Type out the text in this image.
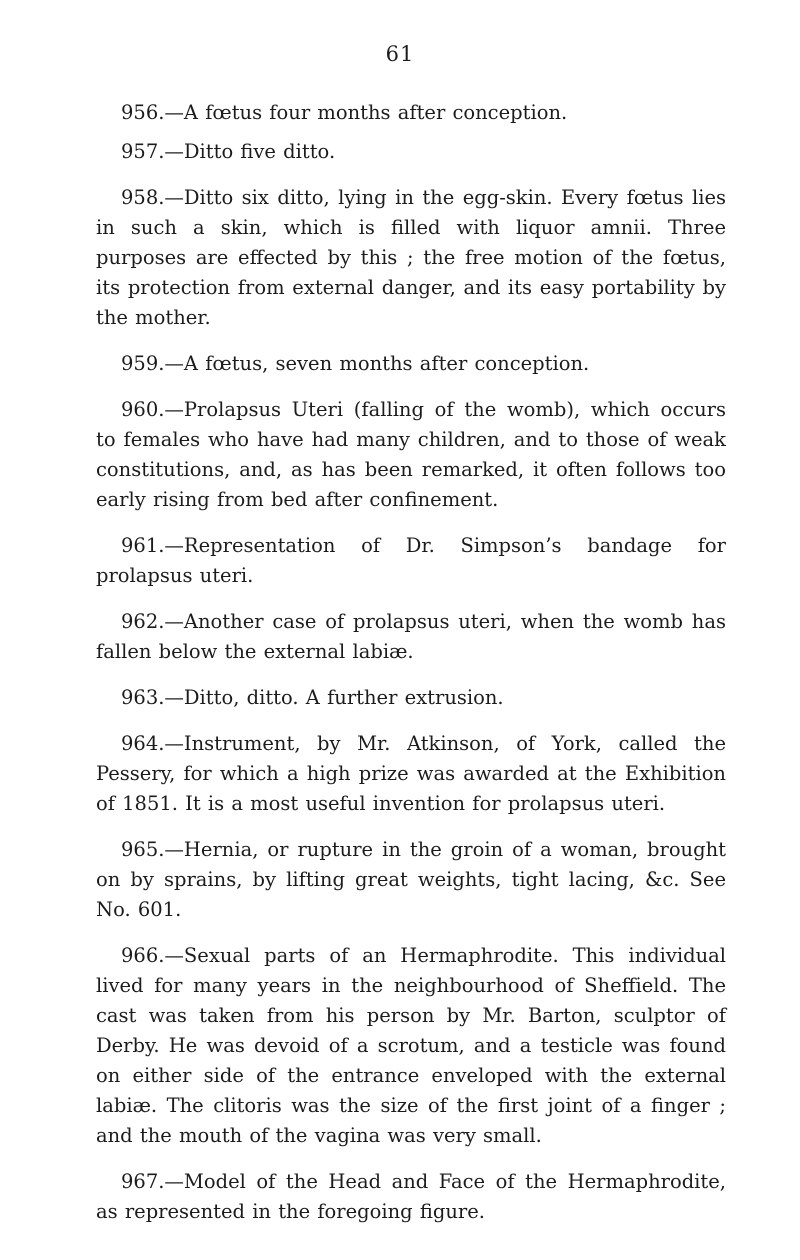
61

956.—A fœtus four months after conception.

957.—Ditto five ditto.

958.—Ditto six ditto, lying in the egg-skin. Every fœtus lies in such a skin, which is filled with liquor amnii. Three purposes are effected by this ; the free motion of the fœtus, its protection from external danger, and its easy portability by the mother.

959.—A fœtus, seven months after conception.

960.—Prolapsus Uteri (falling of the womb), which occurs to females who have had many children, and to those of weak constitutions, and, as has been remarked, it often follows too early rising from bed after confinement.

961.—Representation of Dr. Simpson’s bandage for prolapsus uteri.

962.—Another case of prolapsus uteri, when the womb has fallen below the external labiæ.

963.—Ditto, ditto. A further extrusion.

964.—Instrument, by Mr. Atkinson, of York, called the Pessery, for which a high prize was awarded at the Exhibition of 1851. It is a most useful invention for prolapsus uteri.

965.—Hernia, or rupture in the groin of a woman, brought on by sprains, by lifting great weights, tight lacing, &c. See No. 601.

966.—Sexual parts of an Hermaphrodite. This individual lived for many years in the neighbourhood of Sheffield. The cast was taken from his person by Mr. Barton, sculptor of Derby. He was devoid of a scrotum, and a testicle was found on either side of the entrance enveloped with the external labiæ. The clitoris was the size of the first joint of a finger ; and the mouth of the vagina was very small.

967.—Model of the Head and Face of the Hermaphrodite, as represented in the foregoing figure.
